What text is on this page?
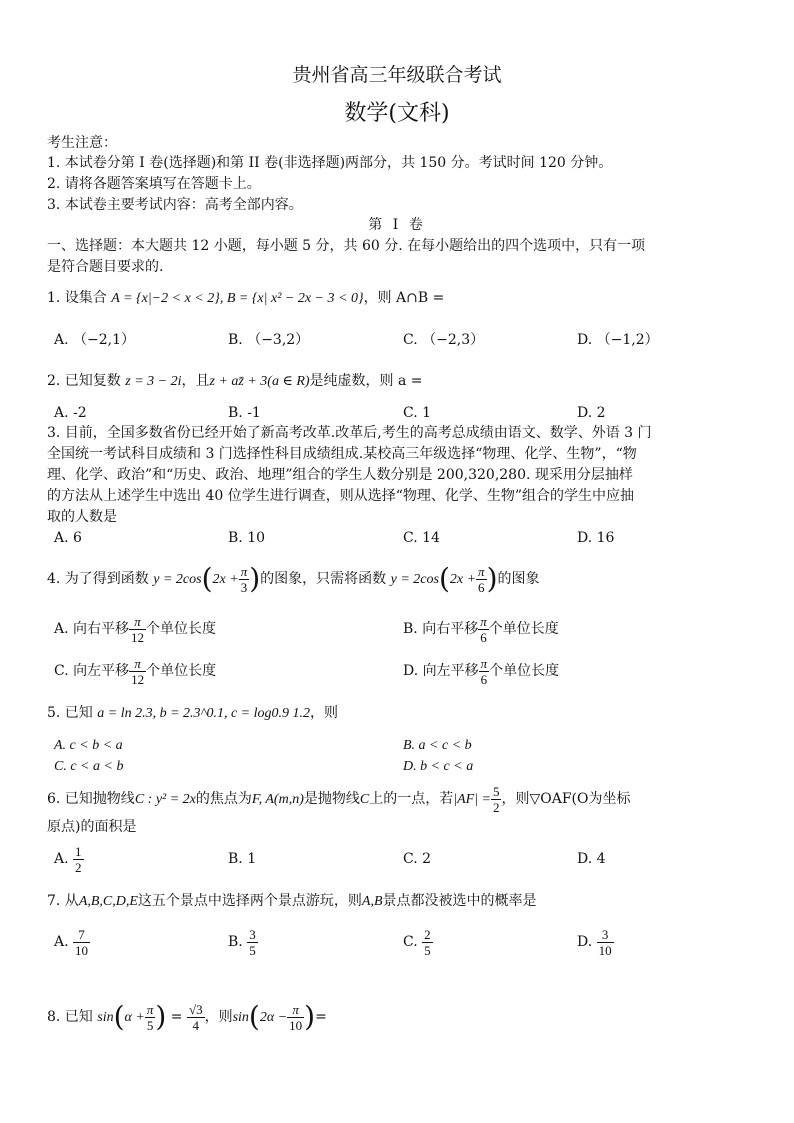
贵州省高三年级联合考试
数学(文科)
考生注意：
1. 本试卷分第 I 卷(选择题)和第 II 卷(非选择题)两部分，共 150 分。考试时间 120 分钟。
2. 请将各题答案填写在答题卡上。
3. 本试卷主要考试内容：高考全部内容。
第 I 卷
一、选择题：本大题共 12 小题，每小题 5 分，共 60 分. 在每小题给出的四个选项中，只有一项
是符合题目要求的.
1. 设集合 A = {x|−2 < x < 2}, B = {x| x² − 2x − 3 < 0}，则 A∩B =
A. （−2,1）	B. （−3,2）	C. （−2,3）	D. （−1,2）
2. 已知复数 z = 3 − 2i，且z + az̄ + 3(a ∈ R)是纯虚数，则 a =
A. -2	B. -1	C. 1	D. 2
3. 目前，全国多数省份已经开始了新高考改革.改革后,考生的高考总成绩由语文、数学、外语 3 门
全国统一考试科目成绩和 3 门选择性科目成绩组成.某校高三年级选择“物理、化学、生物”，“物
理、化学、政治”和“历史、政治、地理”组合的学生人数分别是 200,320,280. 现采用分层抽样
的方法从上述学生中选出 40 位学生进行调查，则从选择“物理、化学、生物”组合的学生中应抽
取的人数是
A. 6	B. 10	C. 14	D. 16
4. 为了得到函数 $y = 2\cos(2x + \frac{\pi}{3}$ )的图象，只需将函数 $y = 2\cos(2x + \frac{\pi}{6}$ )的图象
A. 向右平移 $\frac{\pi}{12}$ 个单位长度	B. 向右平移 $\frac{\pi}{6}$ 个单位长度
C. 向左平移 $\frac{\pi}{12}$ 个单位长度	D. 向左平移 $\frac{\pi}{6}$ 个单位长度
5. 已知 a = ln 2.3, b = 2.3^0.1, c = log0.9 1.2，则
A. c < b < a	B. a < c < b
C. c < a < b	D. b < c < a
6. 已知抛物线C : y² = 2x的焦点为F, A(m,n)是抛物线C上的一点，若$|AF| = \frac{5}{2}$ ，则▽OAF(O为坐标
原点)的面积是
A. $\frac{1}{2}$	B. 1	C. 2	D. 4
7. 从A,B,C,D,E这五个景点中选择两个景点游玩，则A,B景点都没被选中的概率是
A. $\frac{7}{10}$	B. $\frac{3}{5}$	C. $\frac{2}{5}$	D. $\frac{3}{10}$
8. 已知 $\sin(\alpha + \frac{\pi}{5}$ ) = $\frac{√3}{4}$ ，则$\sin(2\alpha - \frac{\pi}{10}$ )=
